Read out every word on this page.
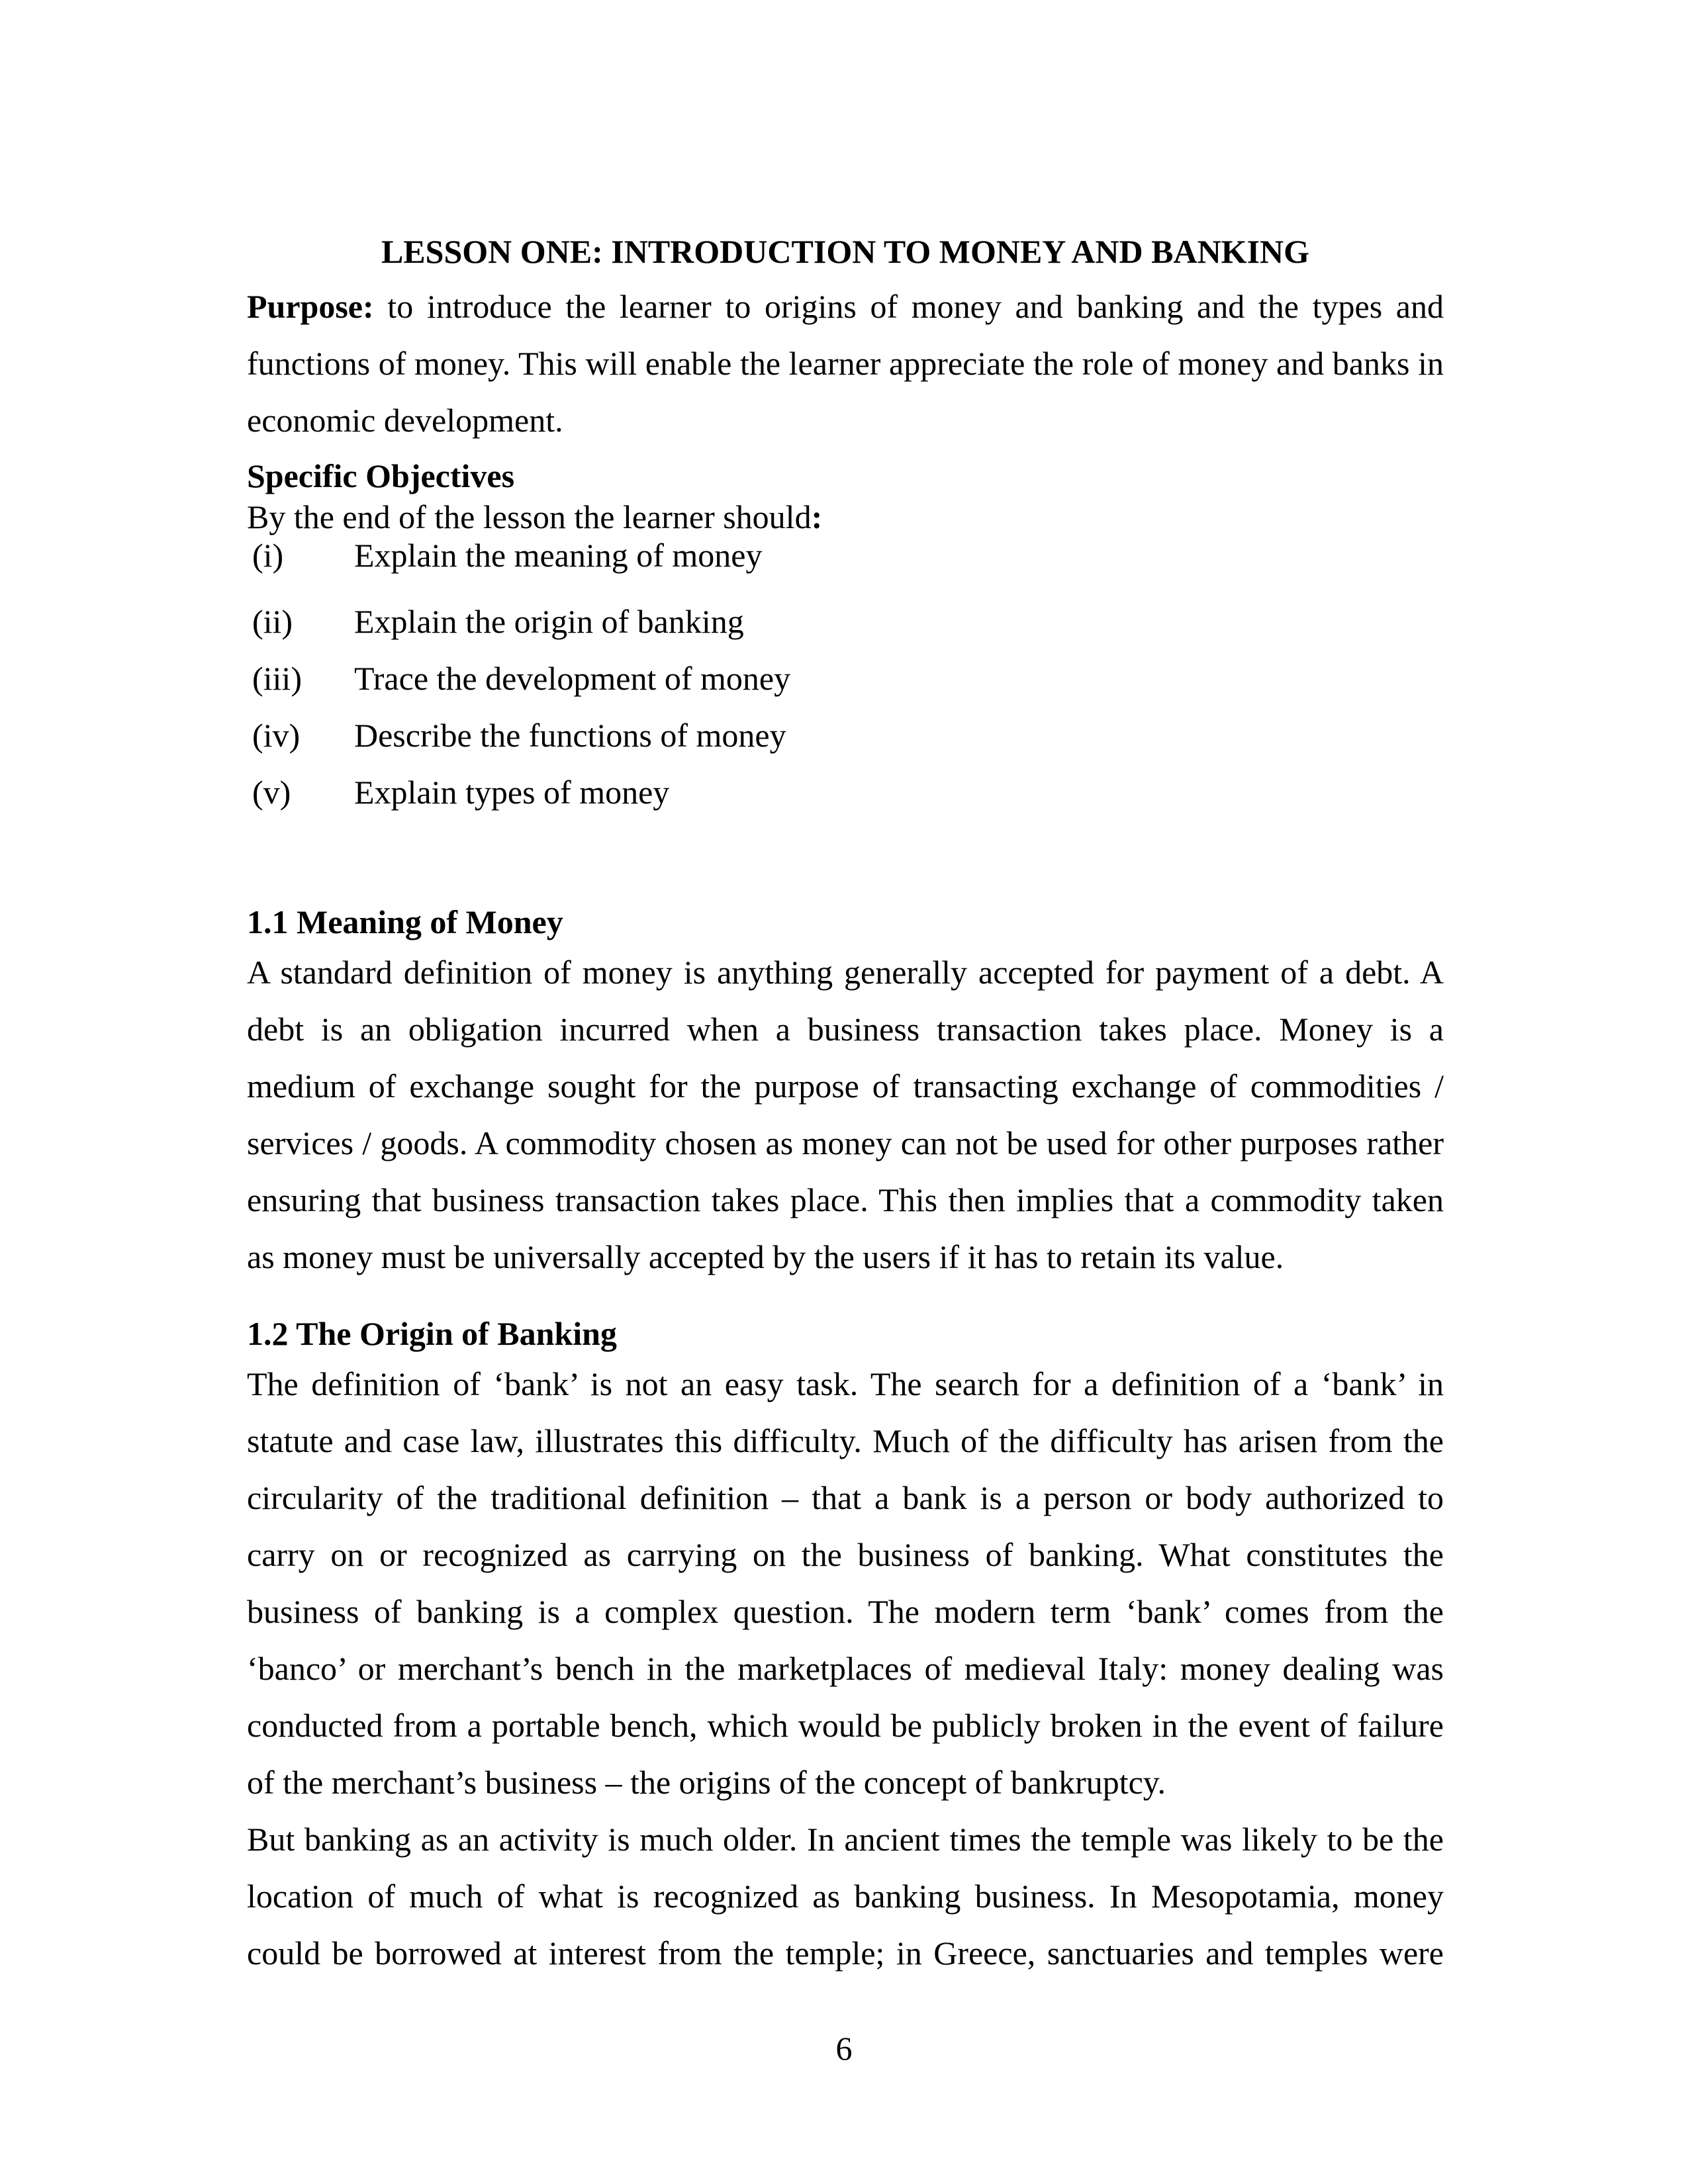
LESSON ONE: INTRODUCTION TO MONEY AND BANKING

Purpose: to introduce the learner to origins of money and banking and the types and functions of money. This will enable the learner appreciate the role of money and banks in economic development.

Specific Objectives

By the end of the lesson the learner should:

(i)	Explain the meaning of money
(ii)	Explain the origin of banking
(iii)	Trace the development of money
(iv)	Describe the functions of money
(v)	Explain types of money
1.1 Meaning of Money

A standard definition of money is anything generally accepted for payment of a debt. A debt is an obligation incurred when a business transaction takes place. Money is a medium of exchange sought for the purpose of transacting exchange of commodities / services / goods. A commodity chosen as money can not be used for other purposes rather ensuring that business transaction takes place. This then implies that a commodity taken as money must be universally accepted by the users if it has to retain its value.

1.2 The Origin of Banking

The definition of ‘bank’ is not an easy task. The search for a definition of a ‘bank’ in statute and case law, illustrates this difficulty. Much of the difficulty has arisen from the circularity of the traditional definition – that a bank is a person or body authorized to carry on or recognized as carrying on the business of banking. What constitutes the business of banking is a complex question. The modern term ‘bank’ comes from the ‘banco’ or merchant’s bench in the marketplaces of medieval Italy: money dealing was conducted from a portable bench, which would be publicly broken in the event of failure of the merchant’s business – the origins of the concept of bankruptcy.

But banking as an activity is much older. In ancient times the temple was likely to be the location of much of what is recognized as banking business. In Mesopotamia, money could be borrowed at interest from the temple; in Greece, sanctuaries and temples were

6
